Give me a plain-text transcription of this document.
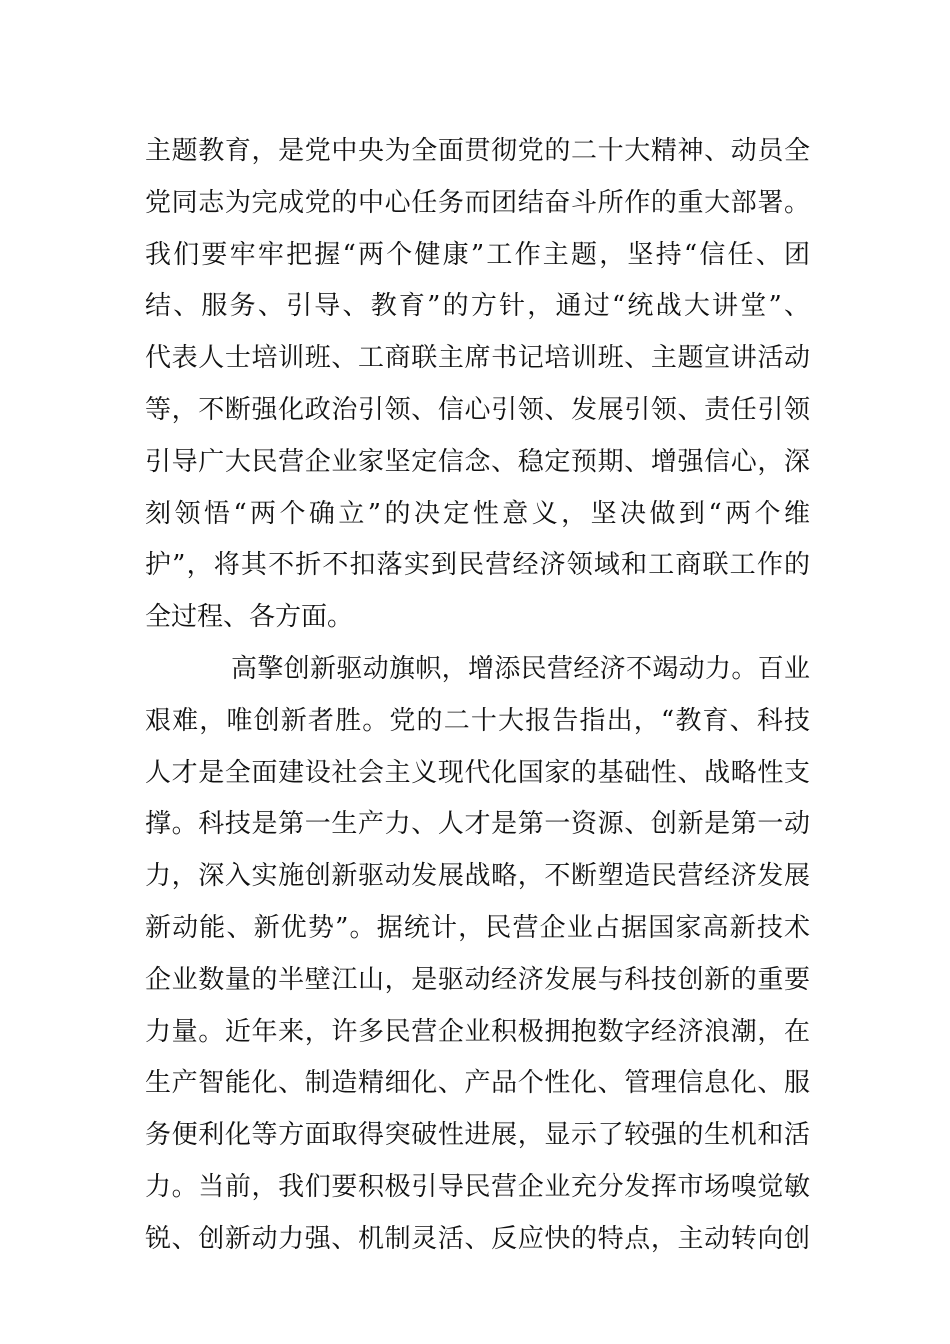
主题教育，是党中央为全面贯彻党的二十大精神、动员全
党同志为完成党的中心任务而团结奋斗所作的重大部署。
我们要牢牢把握“两个健康”工作主题，坚持“信任、团
结、服务、引导、教育”的方针，通过“统战大讲堂”、
代表人士培训班、工商联主席书记培训班、主题宣讲活动
等，不断强化政治引领、信心引领、发展引领、责任引领
引导广大民营企业家坚定信念、稳定预期、增强信心，深
刻领悟“两个确立”的决定性意义，坚决做到“两个维
护”，将其不折不扣落实到民营经济领域和工商联工作的
全过程、各方面。
高擎创新驱动旗帜，增添民营经济不竭动力。百业
艰难，唯创新者胜。党的二十大报告指出，“教育、科技
人才是全面建设社会主义现代化国家的基础性、战略性支
撑。科技是第一生产力、人才是第一资源、创新是第一动
力，深入实施创新驱动发展战略，不断塑造民营经济发展
新动能、新优势”。据统计，民营企业占据国家高新技术
企业数量的半壁江山，是驱动经济发展与科技创新的重要
力量。近年来，许多民营企业积极拥抱数字经济浪潮，在
生产智能化、制造精细化、产品个性化、管理信息化、服
务便利化等方面取得突破性进展，显示了较强的生机和活
力。当前，我们要积极引导民营企业充分发挥市场嗅觉敏
锐、创新动力强、机制灵活、反应快的特点，主动转向创
